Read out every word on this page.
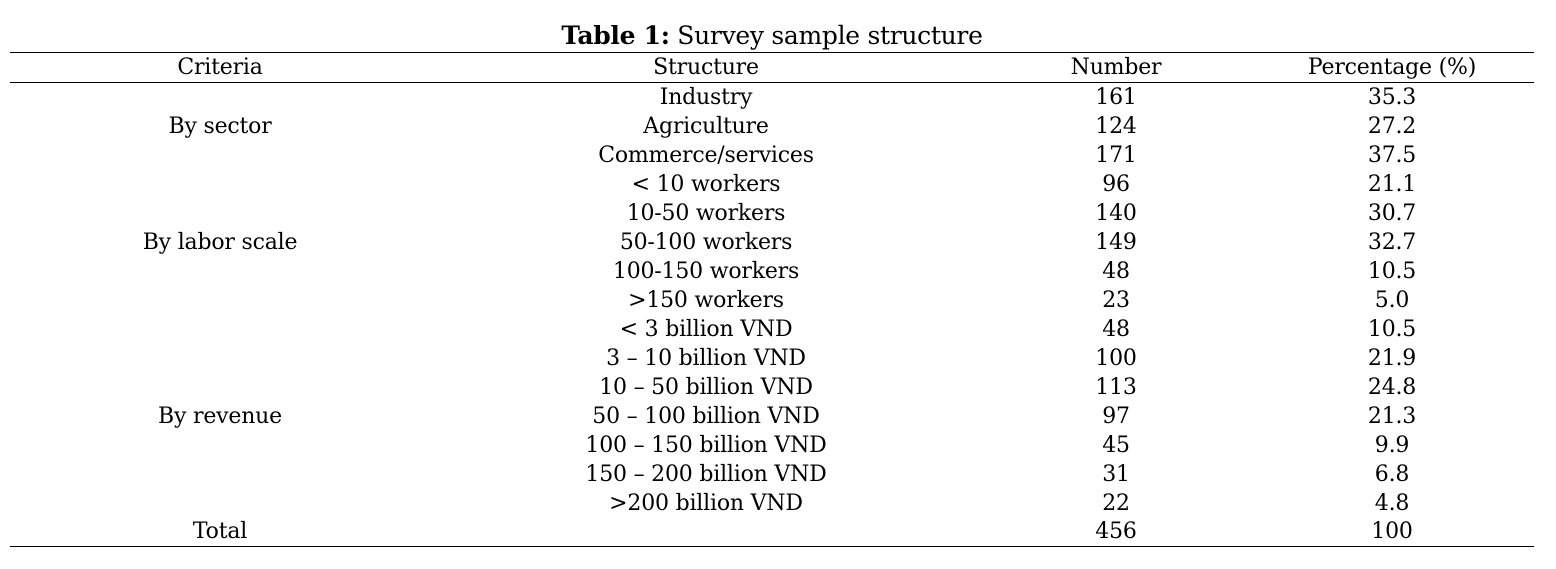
Table 1: Survey sample structure
Criteria	Structure	Number	Percentage (%)
By sector	Industry	161	35.3
	Agriculture	124	27.2
	Commerce/services	171	37.5
By labor scale	< 10 workers	96	21.1
	10-50 workers	140	30.7
	50-100 workers	149	32.7
	100-150 workers	48	10.5
	>150 workers	23	5.0
By revenue	< 3 billion VND	48	10.5
	3 – 10 billion VND	100	21.9
	10 – 50 billion VND	113	24.8
	50 – 100 billion VND	97	21.3
	100 – 150 billion VND	45	9.9
	150 – 200 billion VND	31	6.8
	>200 billion VND	22	4.8
Total		456	100
